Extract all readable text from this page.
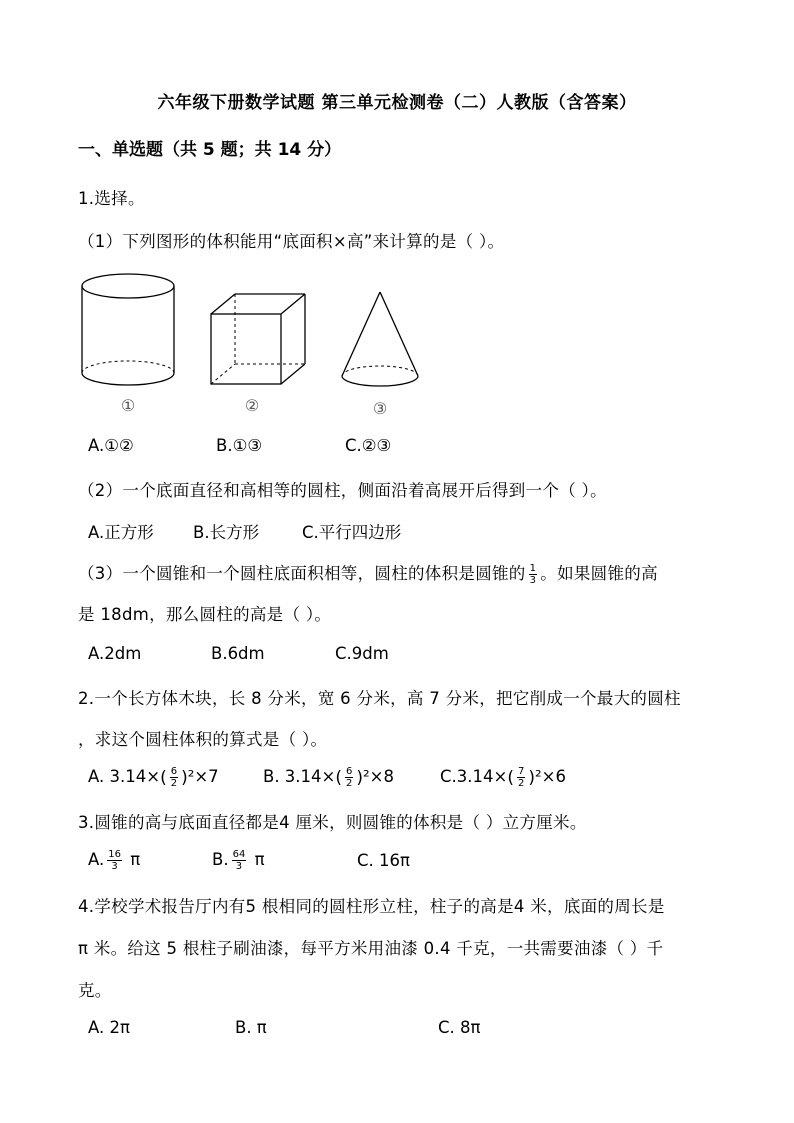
六年级下册数学试题 第三单元检测卷（二）人教版（含答案）
一、单选题（共 5 题；共 14 分）
1.选择。
（1）下列图形的体积能用“底面积×高”来计算的是（ ）。
①	②	③
A.①②	B.①③	C.②③
（2）一个底面直径和高相等的圆柱，侧面沿着高展开后得到一个（ ）。
A.正方形 B.长方形	C.平行四边形
（3）一个圆锥和一个圆柱底面积相等，圆柱的体积是圆锥的 $\frac{1}{3}$ 。如果圆锥的高
是 18dm，那么圆柱的高是（ ）。
A.2dm	B.6dm	C.9dm
2.一个长方体木块，长 8 分米，宽 6 分米，高 7 分米，把它削成一个最大的圆柱
，求这个圆柱体积的算式是（ ）。
A. 3.14× ( $\frac{6}{2}$ ) ²×7	B. 3.14× ( $\frac{6}{2}$ ) ²×8	C.3.14× ( $\frac{7}{2}$ ) ²×6
3.圆锥的高与底面直径都是4 厘米，则圆锥的体积是（ ）立方厘米。
A. $\frac{16}{3}$ π	B. $\frac{64}{3}$ π	C. 16π
4.学校学术报告厅内有5 根相同的圆柱形立柱，柱子的高是4 米，底面的周长是
π 米。给这 5 根柱子刷油漆，每平方米用油漆 0.4 千克，一共需要油漆（ ）千
克。
A. 2π	B. π	C. 8π
